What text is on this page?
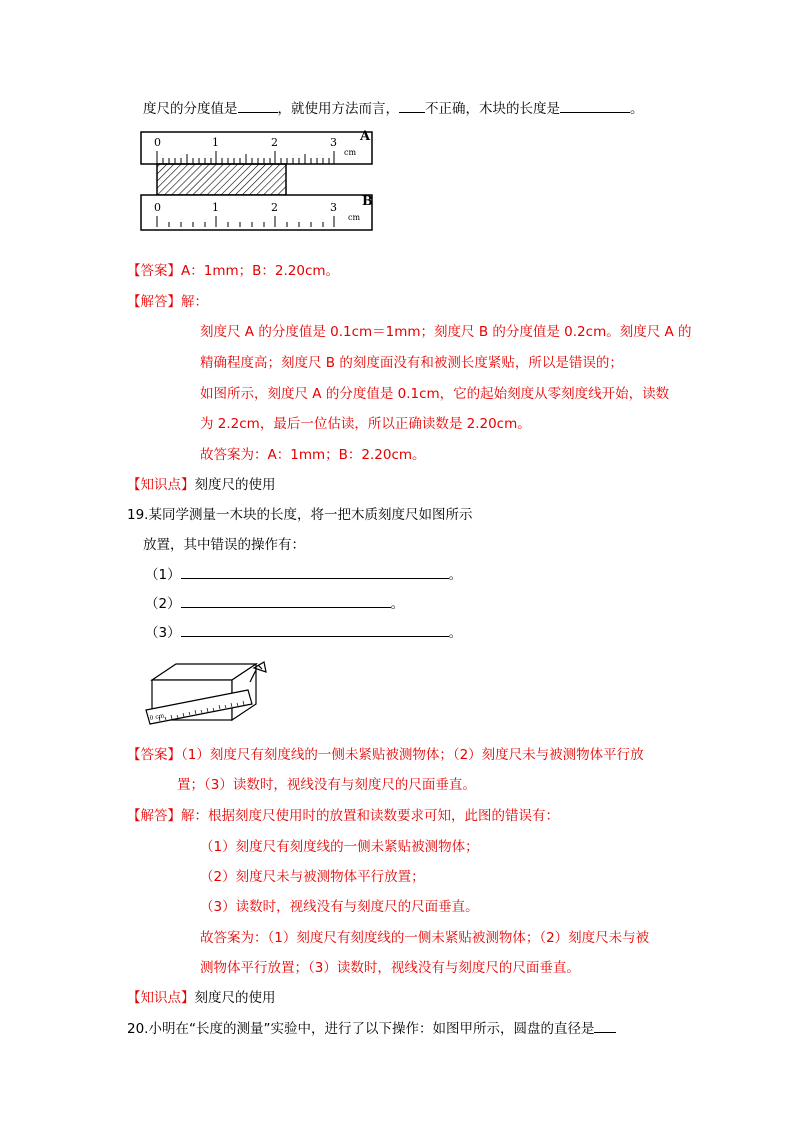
度尺的分度值是	，就使用方法而言， 不正确，木块的长度是	。
0	1	2	3
cm
A
0	1	2	3
cm
B
【答案】A：1mm；B：2.20cm。
【解答】解：
刻度尺 A 的分度值是 0.1cm＝1mm；刻度尺 B 的分度值是 0.2cm。刻度尺 A 的
精确程度高；刻度尺 B 的刻度面没有和被测长度紧贴，所以是错误的；
如图所示，刻度尺 A 的分度值是 0.1cm，它的起始刻度从零刻度线开始，读数
为 2.2cm，最后一位估读，所以正确读数是 2.20cm。
故答案为：A：1mm；B：2.20cm。
【知识点】刻度尺的使用
19.某同学测量一木块的长度，将一把木质刻度尺如图所示
放置，其中错误的操作有：
（1）	。
（2）	。
（3）	。
0 cm
【答案】（1）刻度尺有刻度线的一侧未紧贴被测物体；（2）刻度尺未与被测物体平行放
置；（3）读数时，视线没有与刻度尺的尺面垂直。
【解答】解：根据刻度尺使用时的放置和读数要求可知，此图的错误有：
（1）刻度尺有刻度线的一侧未紧贴被测物体；
（2）刻度尺未与被测物体平行放置；
（3）读数时，视线没有与刻度尺的尺面垂直。
故答案为：（1）刻度尺有刻度线的一侧未紧贴被测物体；（2）刻度尺未与被
测物体平行放置；（3）读数时，视线没有与刻度尺的尺面垂直。
【知识点】刻度尺的使用
20.小明在“长度的测量”实验中，进行了以下操作：如图甲所示，圆盘的直径是
